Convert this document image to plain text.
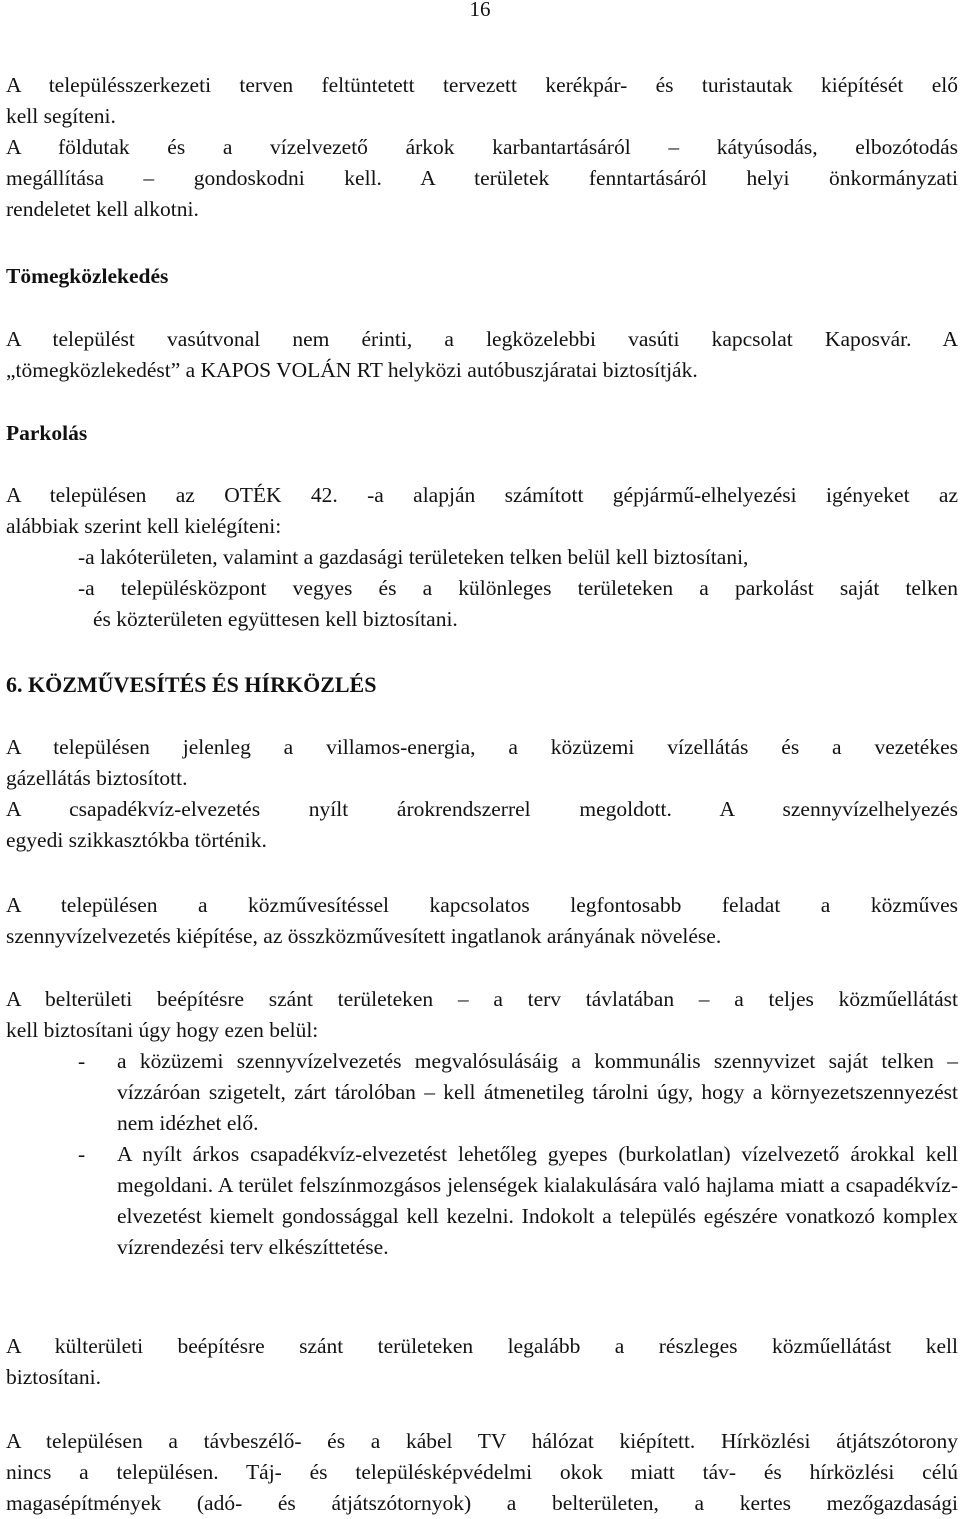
16

A településszerkezeti terven feltüntetett tervezett kerékpár- és turistautak kiépítését elő

kell segíteni.

A földutak és a vízelvezető árkok karbantartásáról – kátyúsodás, elbozótodás

megállítása – gondoskodni kell. A területek fenntartásáról helyi önkormányzati

rendeletet kell alkotni.

Tömegközlekedés

A települést vasútvonal nem érinti, a legközelebbi vasúti kapcsolat Kaposvár. A

„tömegközlekedést” a KAPOS VOLÁN RT helyközi autóbuszjáratai biztosítják.

Parkolás

A településen az OTÉK 42. -a alapján számított gépjármű-elhelyezési igényeket az

alábbiak szerint kell kielégíteni:

-a lakóterületen, valamint a gazdasági területeken telken belül kell biztosítani,

-a településközpont vegyes és a különleges területeken a parkolást saját telken

és közterületen együttesen kell biztosítani.

6. KÖZMŰVESÍTÉS ÉS HÍRKÖZLÉS

A településen jelenleg a villamos-energia, a közüzemi vízellátás és a vezetékes

gázellátás biztosított.

A csapadékvíz-elvezetés nyílt árokrendszerrel megoldott. A szennyvízelhelyezés

egyedi szikkasztókba történik.

A településen a közművesítéssel kapcsolatos legfontosabb feladat a közműves

szennyvízelvezetés kiépítése, az összközművesített ingatlanok arányának növelése.

A belterületi beépítésre szánt területeken – a terv távlatában – a teljes közműellátást

kell biztosítani úgy hogy ezen belül:

- a közüzemi szennyvízelvezetés megvalósulásáig a kommunális szennyvizet saját telken – vízzáróan szigetelt, zárt tárolóban – kell átmenetileg tárolni úgy, hogy a környezetszennyezést nem idézhet elő.
- A nyílt árkos csapadékvíz-elvezetést lehetőleg gyepes (burkolatlan) vízelvezető árokkal kell megoldani. A terület felszínmozgásos jelenségek kialakulására való hajlama miatt a csapadékvíz-elvezetést kiemelt gondossággal kell kezelni. Indokolt a település egészére vonatkozó komplex vízrendezési terv elkészíttetése.

A külterületi beépítésre szánt területeken legalább a részleges közműellátást kell

biztosítani.

A településen a távbeszélő- és a kábel TV hálózat kiépített. Hírközlési átjátszótorony

nincs a településen. Táj- és településképvédelmi okok miatt táv- és hírközlési célú

magasépítmények (adó- és átjátszótornyok) a belterületen, a kertes mezőgazdasági
